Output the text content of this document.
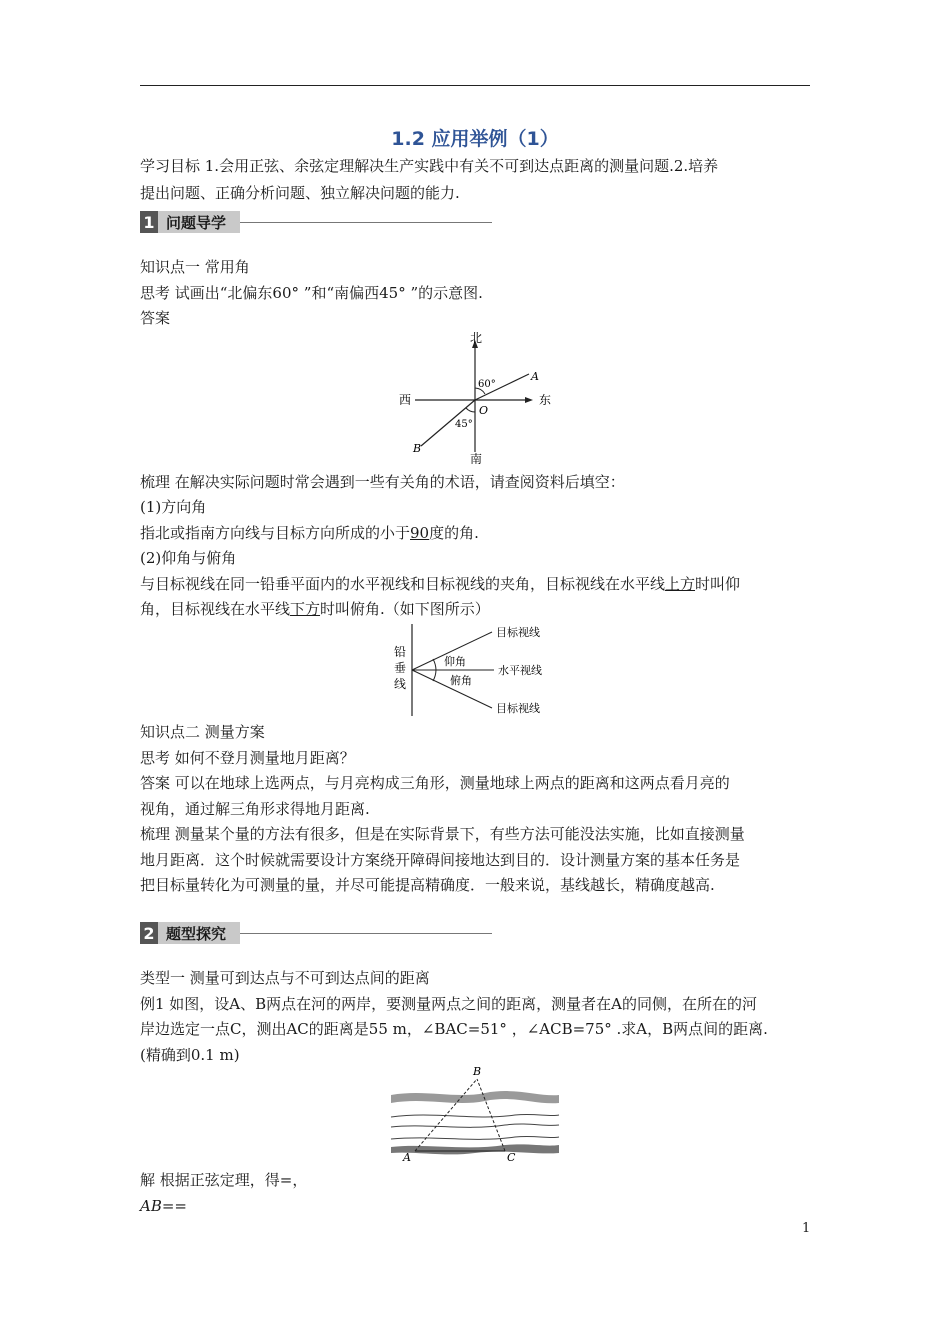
1.2 应用举例（1）
学习目标 1.会用正弦、余弦定理解决生产实践中有关不可到达点距离的测量问题.2.培养
提出问题、正确分析问题、独立解决问题的能力.
1 问题导学
知识点一 常用角
思考 试画出“北偏东60° ”和“南偏西45° ”的示意图.
答案
北
南
东
西
O
A
B
60°
45°
梳理 在解决实际问题时常会遇到一些有关角的术语，请查阅资料后填空：
(1)方向角
指北或指南方向线与目标方向所成的小于90度的角.
(2)仰角与俯角
与目标视线在同一铅垂平面内的水平视线和目标视线的夹角，目标视线在水平线上方时叫仰
角，目标视线在水平线下方时叫俯角.（如下图所示）
铅
垂
线
目标视线
水平视线
目标视线
仰角
俯角
知识点二 测量方案
思考 如何不登月测量地月距离？
答案 可以在地球上选两点，与月亮构成三角形，测量地球上两点的距离和这两点看月亮的
视角，通过解三角形求得地月距离.
梳理 测量某个量的方法有很多，但是在实际背景下，有些方法可能没法实施，比如直接测量
地月距离．这个时候就需要设计方案绕开障碍间接地达到目的．设计测量方案的基本任务是
把目标量转化为可测量的量，并尽可能提高精确度．一般来说，基线越长，精确度越高.
2 题型探究
类型一 测量可到达点与不可到达点间的距离
例1 如图，设A、B两点在河的两岸，要测量两点之间的距离，测量者在A的同侧，在所在的河
岸边选定一点C，测出AC的距离是55 m，∠BAC=51° ，∠ACB=75° .求A，B两点间的距离.
(精确到0.1 m)
B
A	C
解 根据正弦定理，得=，
AB==
1
